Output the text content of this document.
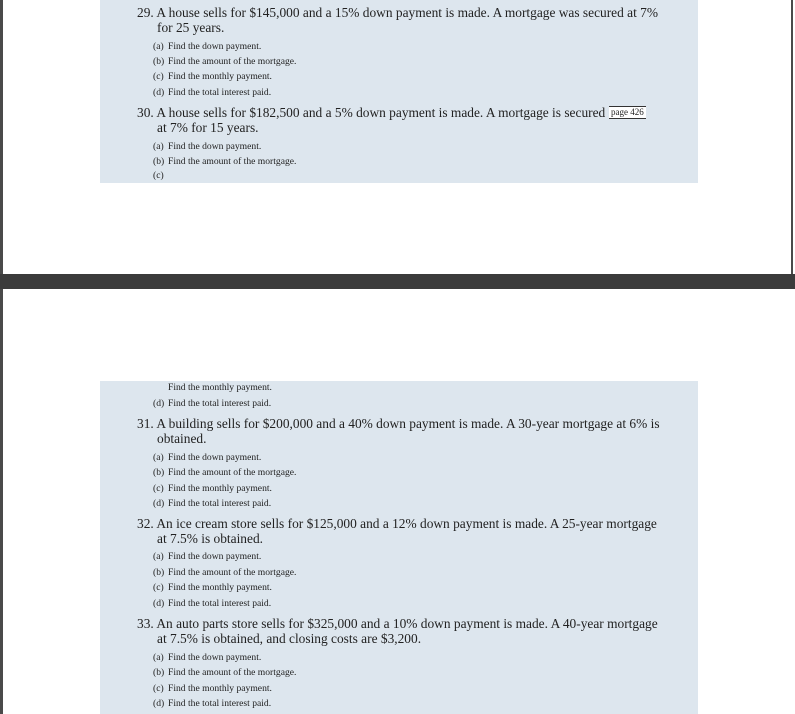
29. A house sells for $145,000 and a 15% down payment is made. A mortgage was secured at 7%
for 25 years.
(a) Find the down payment.
(b) Find the amount of the mortgage.
(c) Find the monthly payment.
(d) Find the total interest paid.
30. A house sells for $182,500 and a 5% down payment is made. A mortgage is secured page 426
at 7% for 15 years.
(a) Find the down payment.
(b) Find the amount of the mortgage.
(c)
Find the monthly payment.
(d) Find the total interest paid.
31. A building sells for $200,000 and a 40% down payment is made. A 30-year mortgage at 6% is
obtained.
(a) Find the down payment.
(b) Find the amount of the mortgage.
(c) Find the monthly payment.
(d) Find the total interest paid.
32. An ice cream store sells for $125,000 and a 12% down payment is made. A 25-year mortgage
at 7.5% is obtained.
(a) Find the down payment.
(b) Find the amount of the mortgage.
(c) Find the monthly payment.
(d) Find the total interest paid.
33. An auto parts store sells for $325,000 and a 10% down payment is made. A 40-year mortgage
at 7.5% is obtained, and closing costs are $3,200.
(a) Find the down payment.
(b) Find the amount of the mortgage.
(c) Find the monthly payment.
(d) Find the total interest paid.
